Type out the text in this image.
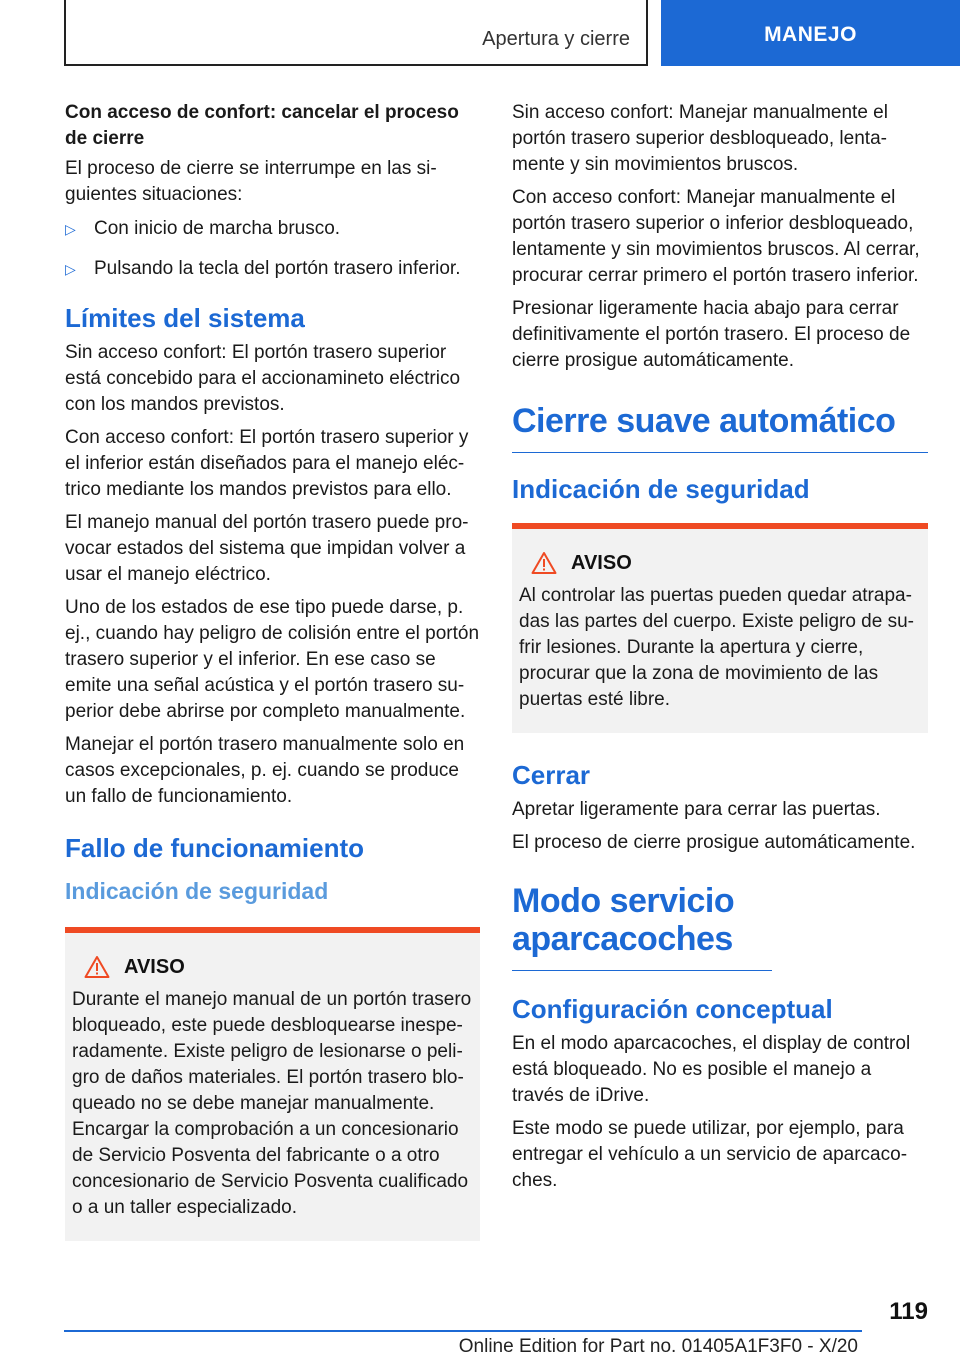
Apertura y cierre	MANEJO
Con acceso de confort: cancelar el proceso de cierre

El proceso de cierre se interrumpe en las siguientes situaciones:

▷ Con inicio de marcha brusco.
▷ Pulsando la tecla del portón trasero inferior.
Límites del sistema

Sin acceso confort: El portón trasero superior está concebido para el accionamineto eléctrico con los mandos previstos.

Con acceso confort: El portón trasero superior y el inferior están diseñados para el manejo eléctrico mediante los mandos previstos para ello.

El manejo manual del portón trasero puede provocar estados del sistema que impidan volver a usar el manejo eléctrico.

Uno de los estados de ese tipo puede darse, p. ej., cuando hay peligro de colisión entre el portón trasero superior y el inferior. En ese caso se emite una señal acústica y el portón trasero superior debe abrirse por completo manualmente.

Manejar el portón trasero manualmente solo en casos excepcionales, p. ej. cuando se produce un fallo de funcionamiento.

Fallo de funcionamiento
Indicación de seguridad
AVISO

Durante el manejo manual de un portón trasero bloqueado, este puede desbloquearse inesperadamente. Existe peligro de lesionarse o peligro de daños materiales. El portón trasero bloqueado no se debe manejar manualmente. Encargar la comprobación a un concesionario de Servicio Posventa del fabricante o a otro concesionario de Servicio Posventa cualificado o a un taller especializado.

Sin acceso confort: Manejar manualmente el portón trasero superior desbloqueado, lentamente y sin movimientos bruscos.

Con acceso confort: Manejar manualmente el portón trasero superior o inferior desbloqueado, lentamente y sin movimientos bruscos. Al cerrar, procurar cerrar primero el portón trasero inferior.

Presionar ligeramente hacia abajo para cerrar definitivamente el portón trasero. El proceso de cierre prosigue automáticamente.

Cierre suave automático
Indicación de seguridad
AVISO

Al controlar las puertas pueden quedar atrapadas las partes del cuerpo. Existe peligro de sufrir lesiones. Durante la apertura y cierre, procurar que la zona de movimiento de las puertas esté libre.

Cerrar

Apretar ligeramente para cerrar las puertas.

El proceso de cierre prosigue automáticamente.

Modo servicio aparcacoches
Configuración conceptual

En el modo aparcacoches, el display de control está bloqueado. No es posible el manejo a través de iDrive.

Este modo se puede utilizar, por ejemplo, para entregar el vehículo a un servicio de aparcacoches.

119
Online Edition for Part no. 01405A1F3F0 - X/20
